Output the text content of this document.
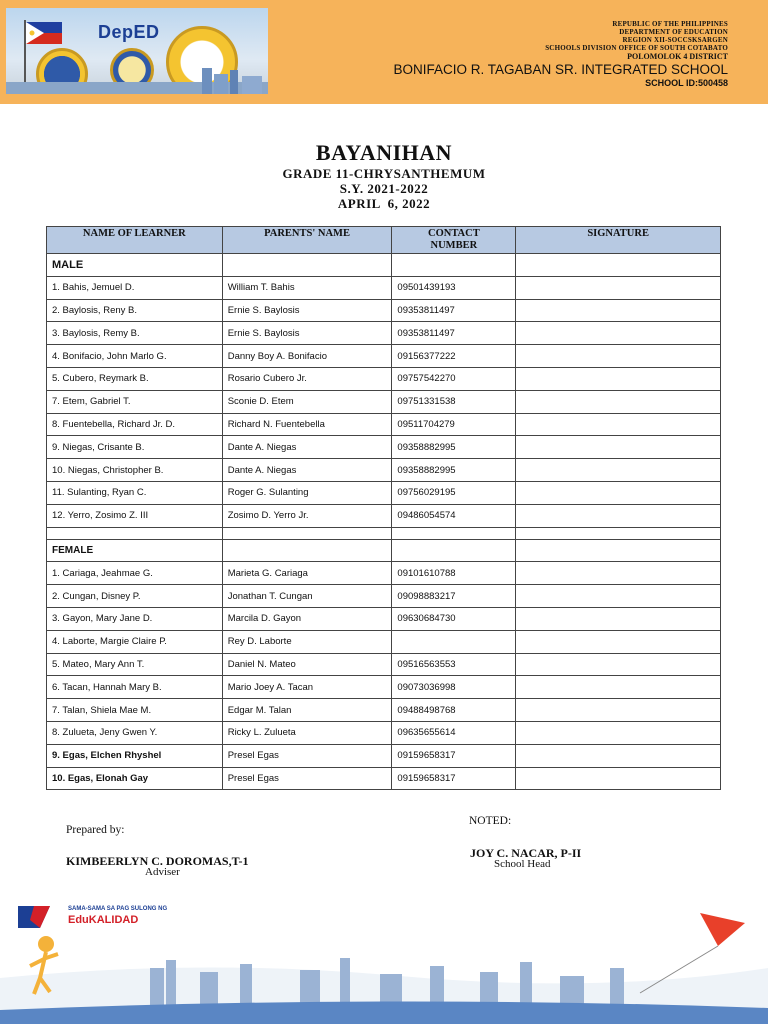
DepED	REPUBLIC OF THE PHILIPPINES
DEPARTMENT OF EDUCATION
REGION XII-SOCCSKSARGEN
SCHOOLS DIVISION OFFICE OF SOUTH COTABATO
POLOMOLOK 4 DISTRICT
BONIFACIO R. TAGABAN SR. INTEGRATED SCHOOL
SCHOOL ID:500458
BAYANIHAN
GRADE 11-CHRYSANTHEMUM
S.Y. 2021-2022
APRIL  6, 2022
NAME OF LEARNER	PARENTS' NAME	CONTACT NUMBER	SIGNATURE
MALE			
1. Bahis, Jemuel D.	William T. Bahis	09501439193	
2. Baylosis, Reny B.	Ernie S. Baylosis	09353811497	
3. Baylosis, Remy B.	Ernie S. Baylosis	09353811497	
4. Bonifacio, John Marlo G.	Danny Boy A. Bonifacio	09156377222	
5. Cubero, Reymark B.	Rosario Cubero Jr.	09757542270	
7. Etem, Gabriel T.	Sconie D. Etem	09751331538	
8. Fuentebella, Richard Jr. D.	Richard N. Fuentebella	09511704279	
9. Niegas, Crisante B.	Dante A. Niegas	09358882995	
10. Niegas, Christopher B.	Dante A. Niegas	09358882995	
11. Sulanting, Ryan C.	Roger G. Sulanting	09756029195	
12. Yerro, Zosimo Z. III	Zosimo D. Yerro Jr.	09486054574	

FEMALE			
1. Cariaga, Jeahmae G.	Marieta G. Cariaga	09101610788	
2. Cungan, Disney P.	Jonathan T. Cungan	09098883217	
3. Gayon, Mary Jane D.	Marcila D. Gayon	09630684730	
4. Laborte, Margie Claire P.	Rey D. Laborte		
5. Mateo, Mary Ann T.	Daniel N. Mateo	09516563553	
6. Tacan, Hannah Mary B.	Mario Joey A. Tacan	09073036998	
7. Talan, Shiela Mae M.	Edgar M. Talan	09488498768	
8. Zulueta, Jeny Gwen Y.	Ricky L. Zulueta	09635655614	
9. Egas, Elchen Rhyshel	Presel Egas	09159658317	
10. Egas, Elonah Gay	Presel Egas	09159658317	
Prepared by:
KIMBEERLYN C. DOROMAS,T-1
Adviser
NOTED:
JOY C. NACAR, P-II
School Head
SAMA-SAMA SA PAG SULONG NG
EduKALIDAD
